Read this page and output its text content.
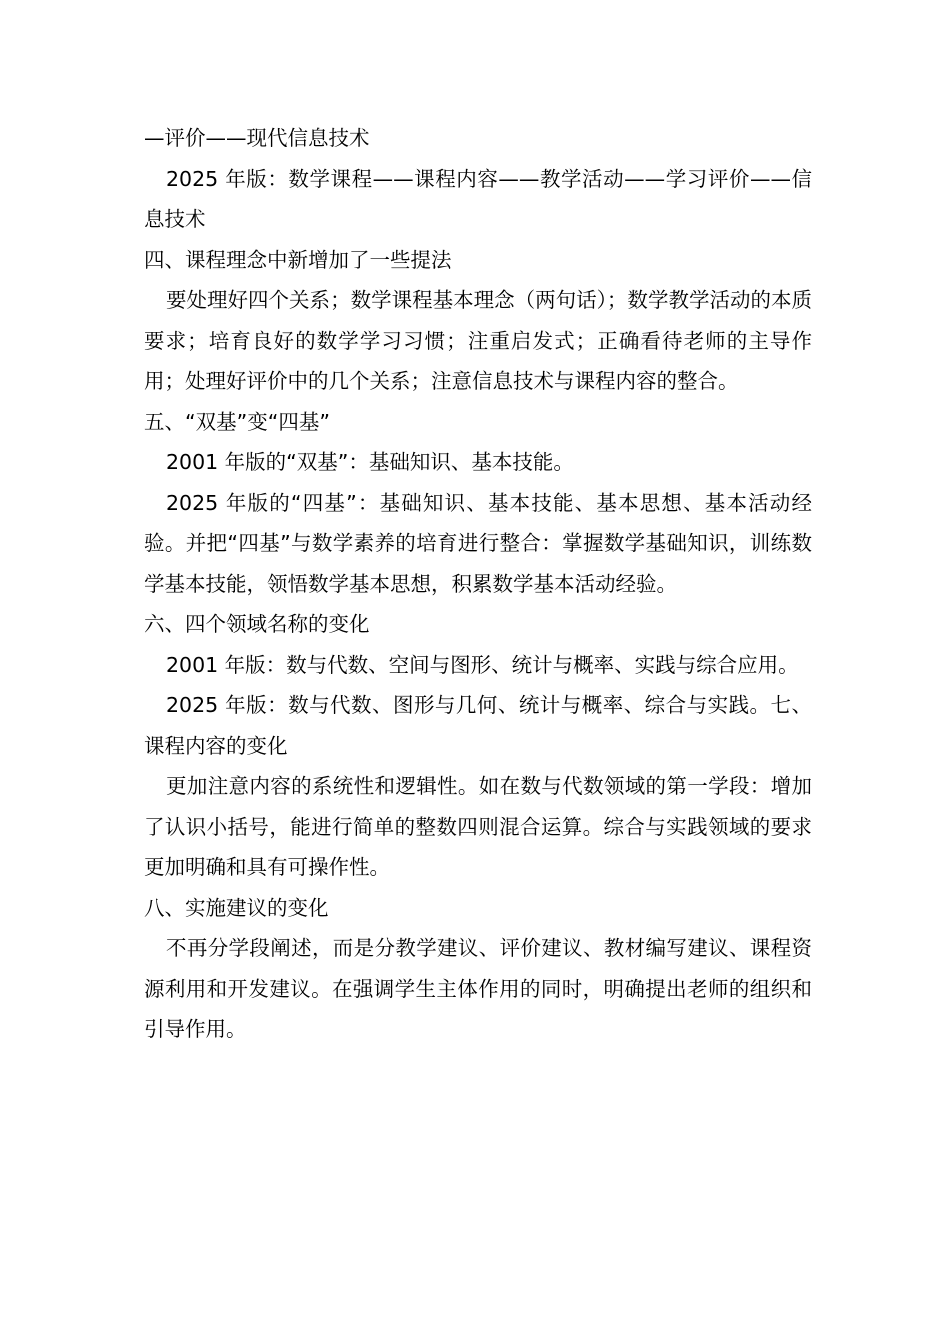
—评价——现代信息技术

2025 年版：数学课程——课程内容——教学活动——学习评价——信息技术

四、课程理念中新增加了一些提法

要处理好四个关系；数学课程基本理念（两句话）；数学教学活动的本质要求；培育良好的数学学习习惯；注重启发式；正确看待老师的主导作用；处理好评价中的几个关系；注意信息技术与课程内容的整合。

五、“双基”变“四基”

2001 年版的“双基”：基础知识、基本技能。

2025 年版的“四基”：基础知识、基本技能、基本思想、基本活动经验。并把“四基”与数学素养的培育进行整合：掌握数学基础知识，训练数学基本技能，领悟数学基本思想，积累数学基本活动经验。

六、四个领域名称的变化

2001 年版：数与代数、空间与图形、统计与概率、实践与综合应用。

2025 年版：数与代数、图形与几何、统计与概率、综合与实践。七、课程内容的变化

更加注意内容的系统性和逻辑性。如在数与代数领域的第一学段：增加了认识小括号，能进行简单的整数四则混合运算。综合与实践领域的要求更加明确和具有可操作性。

八、实施建议的变化

不再分学段阐述，而是分教学建议、评价建议、教材编写建议、课程资源利用和开发建议。在强调学生主体作用的同时，明确提出老师的组织和引导作用。
